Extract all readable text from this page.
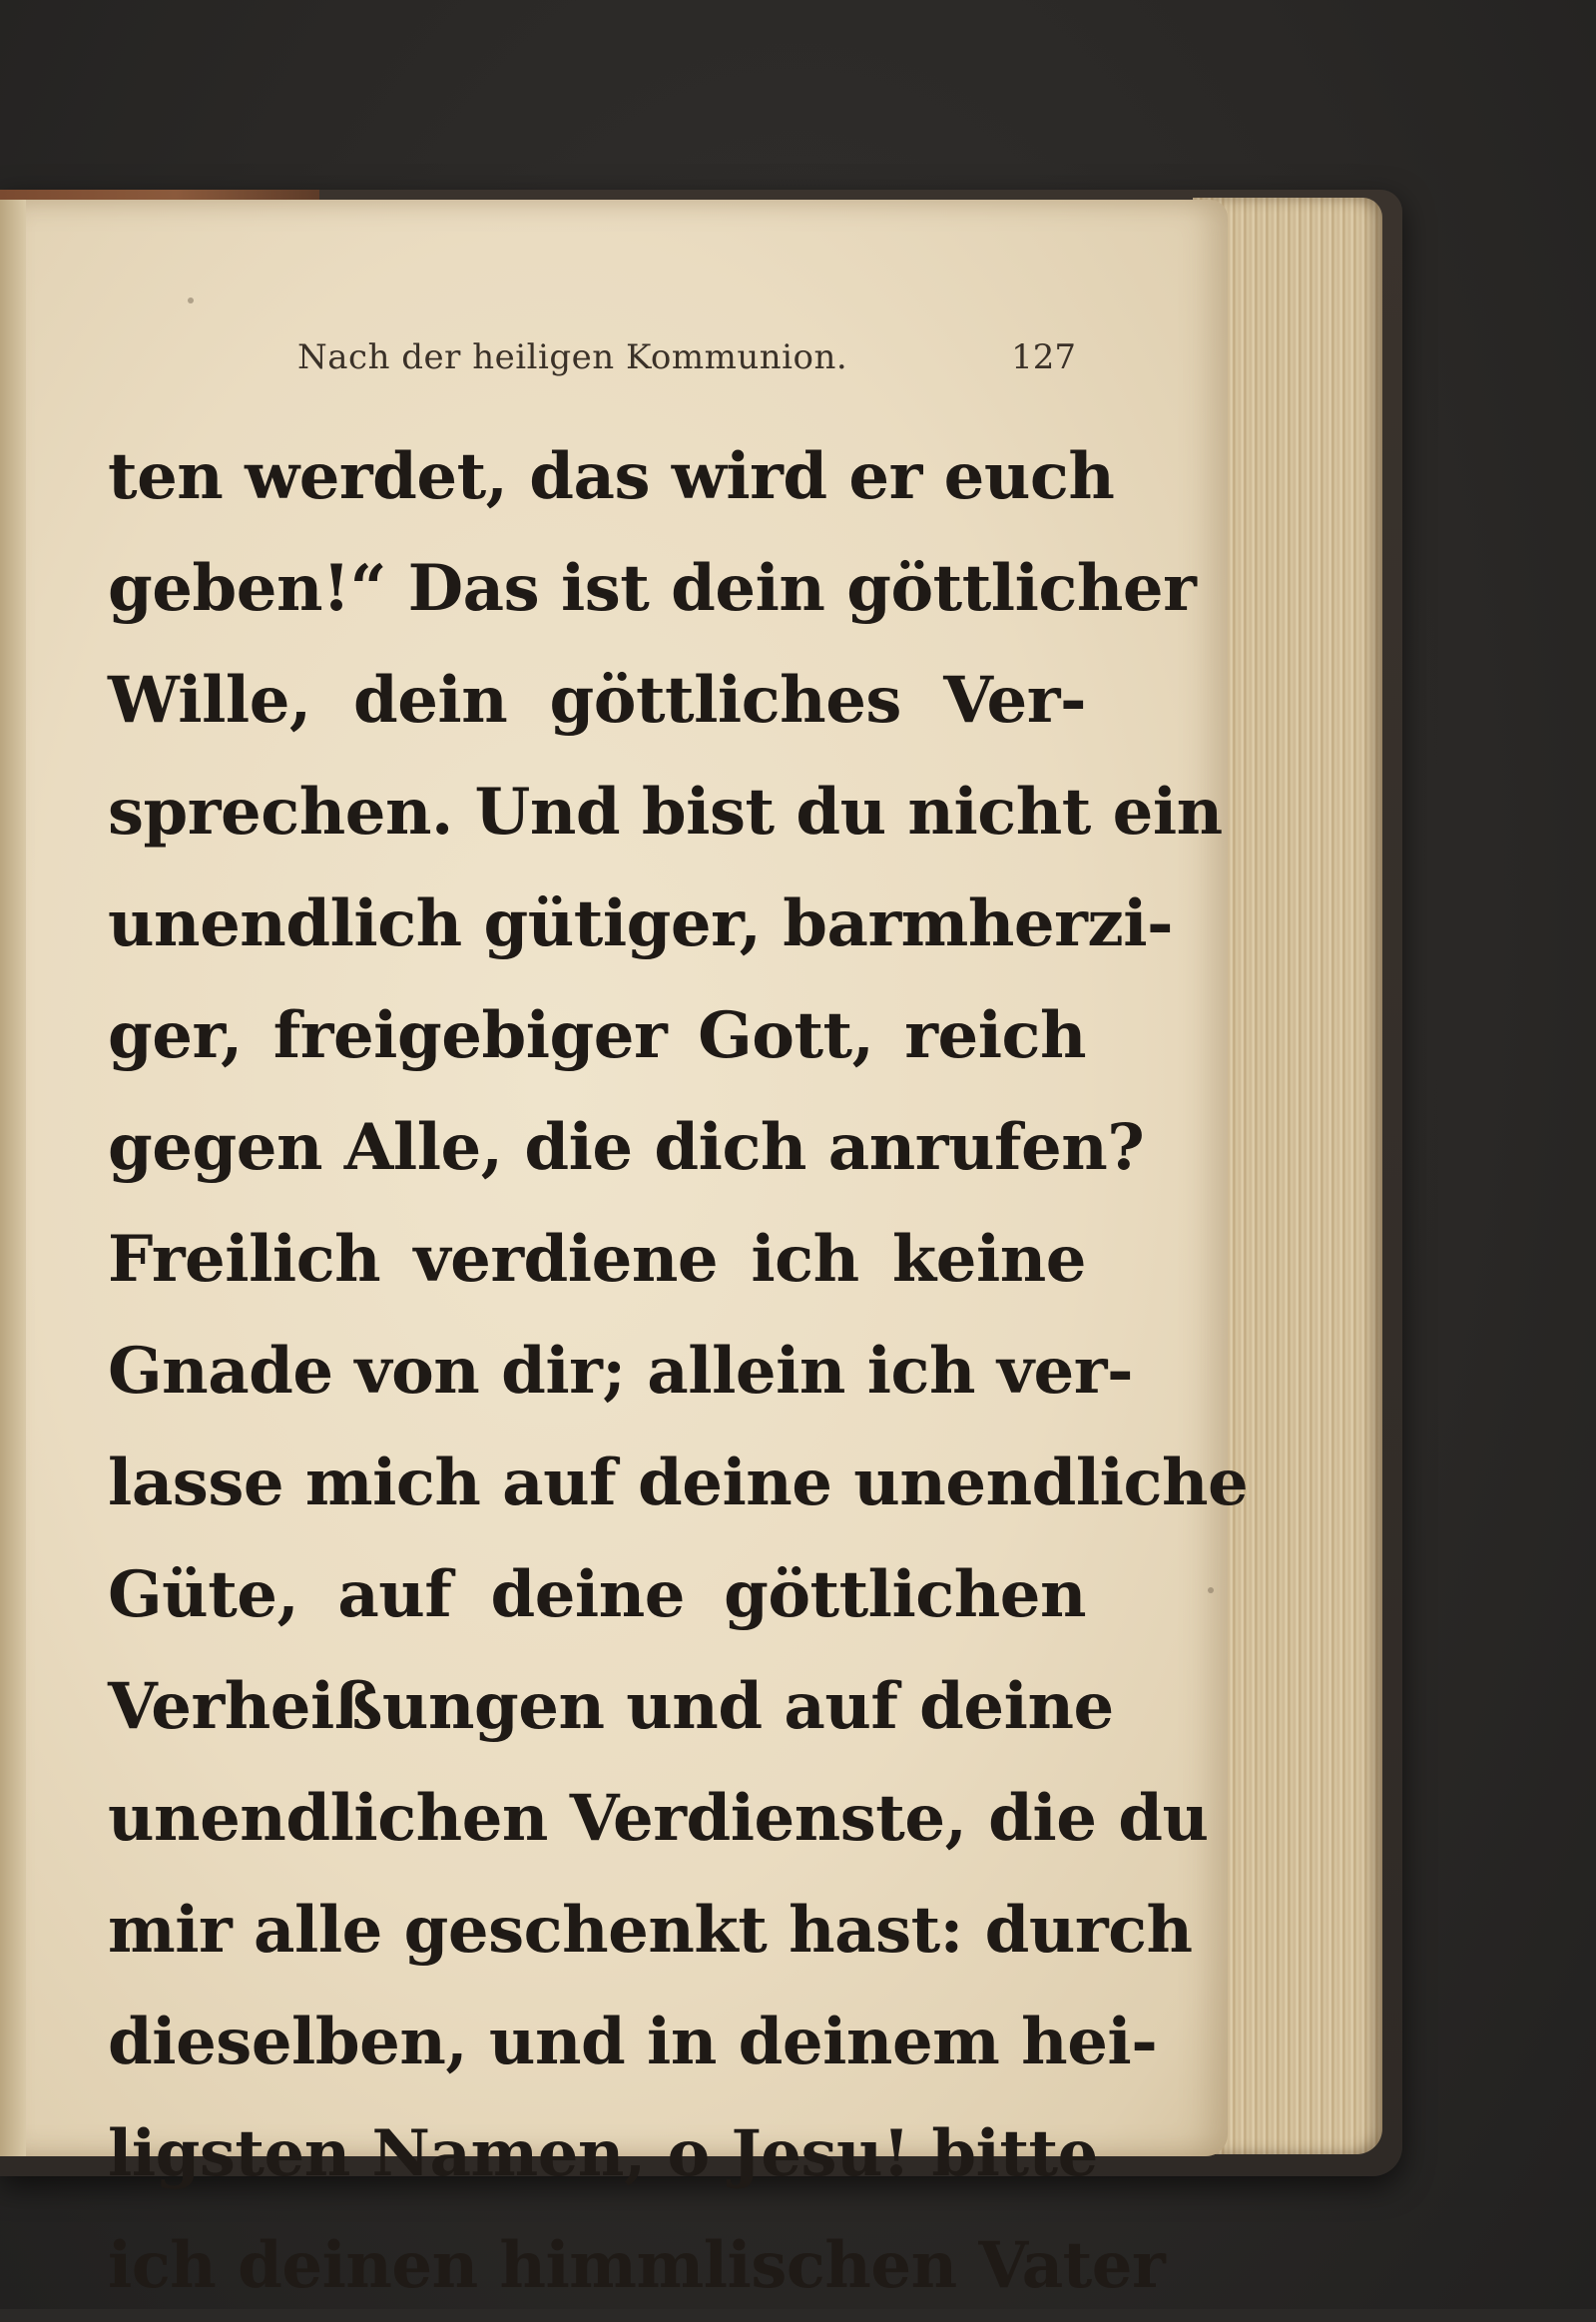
Nach der heiligen Kommunion.	127
ten werdet, das wird er euch
geben!“ Das ist dein göttlicher
Wille, dein göttliches Ver-
sprechen. Und bist du nicht ein
unendlich gütiger, barmherzi-
ger, freigebiger Gott, reich
gegen Alle, die dich anrufen?
Freilich verdiene ich keine
Gnade von dir; allein ich ver-
lasse mich auf deine unendliche
Güte, auf deine göttlichen
Verheißungen und auf deine
unendlichen Verdienste, die du
mir alle geschenkt hast: durch
dieselben, und in deinem hei-
ligsten Namen, o Jesu! bitte
ich deinen himmlischen Vater
